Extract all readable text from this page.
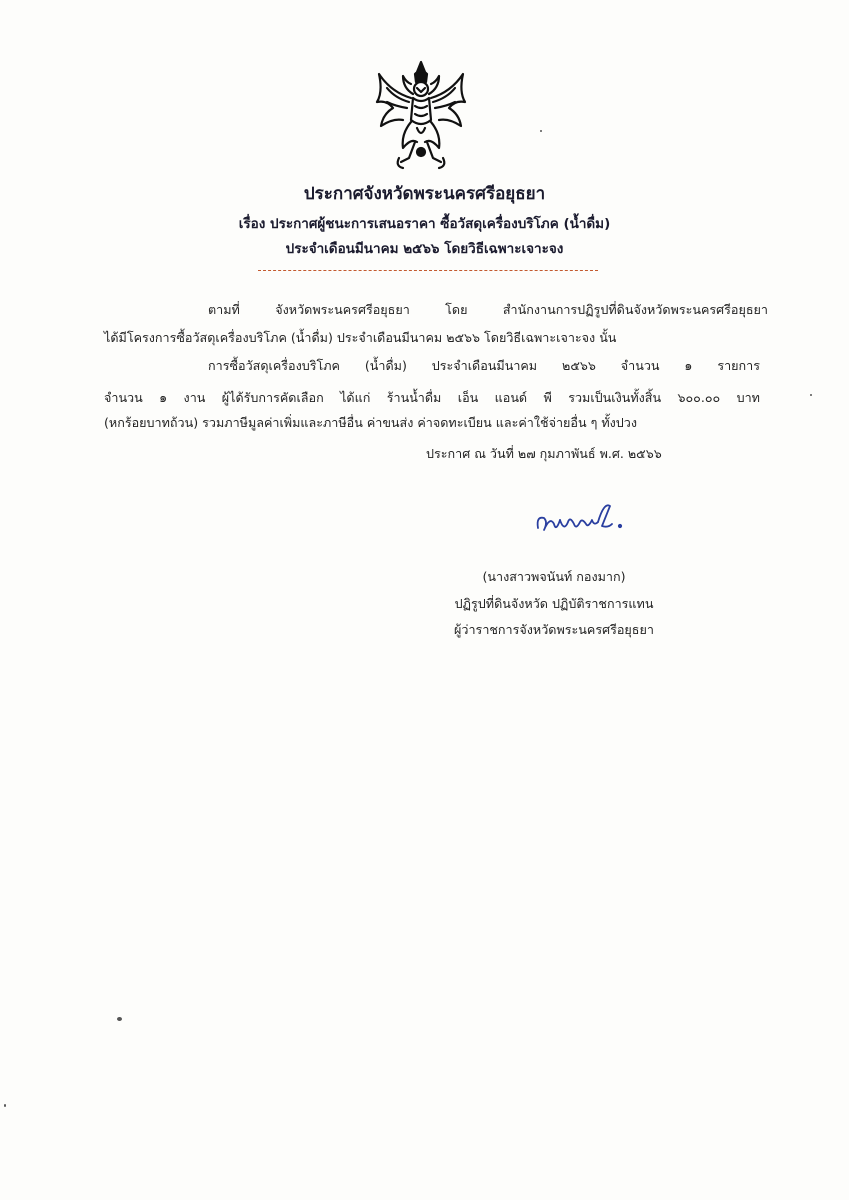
ประกาศจังหวัดพระนครศรีอยุธยา
เรื่อง ประกาศผู้ชนะการเสนอราคา ซื้อวัสดุเครื่องบริโภค (น้ำดื่ม)
ประจำเดือนมีนาคม ๒๕๖๖ โดยวิธีเฉพาะเจาะจง
ตามที่ จังหวัดพระนครศรีอยุธยา โดย สำนักงานการปฏิรูปที่ดินจังหวัดพระนครศรีอยุธยา
ได้มีโครงการซื้อวัสดุเครื่องบริโภค (น้ำดื่ม) ประจำเดือนมีนาคม ๒๕๖๖ โดยวิธีเฉพาะเจาะจง นั้น
การซื้อวัสดุเครื่องบริโภค (น้ำดื่ม) ประจำเดือนมีนาคม ๒๕๖๖ จำนวน ๑ รายการ
จำนวน ๑ งาน ผู้ได้รับการคัดเลือก ได้แก่ ร้านน้ำดื่ม เอ็น แอนด์ พี รวมเป็นเงินทั้งสิ้น ๖๐๐.๐๐ บาท
(หกร้อยบาทถ้วน) รวมภาษีมูลค่าเพิ่มและภาษีอื่น ค่าขนส่ง ค่าจดทะเบียน และค่าใช้จ่ายอื่น ๆ ทั้งปวง
ประกาศ ณ วันที่ ๒๗ กุมภาพันธ์ พ.ศ. ๒๕๖๖
(นางสาวพจนันท์ กองมาก)
ปฏิรูปที่ดินจังหวัด ปฏิบัติราชการแทน
ผู้ว่าราชการจังหวัดพระนครศรีอยุธยา
